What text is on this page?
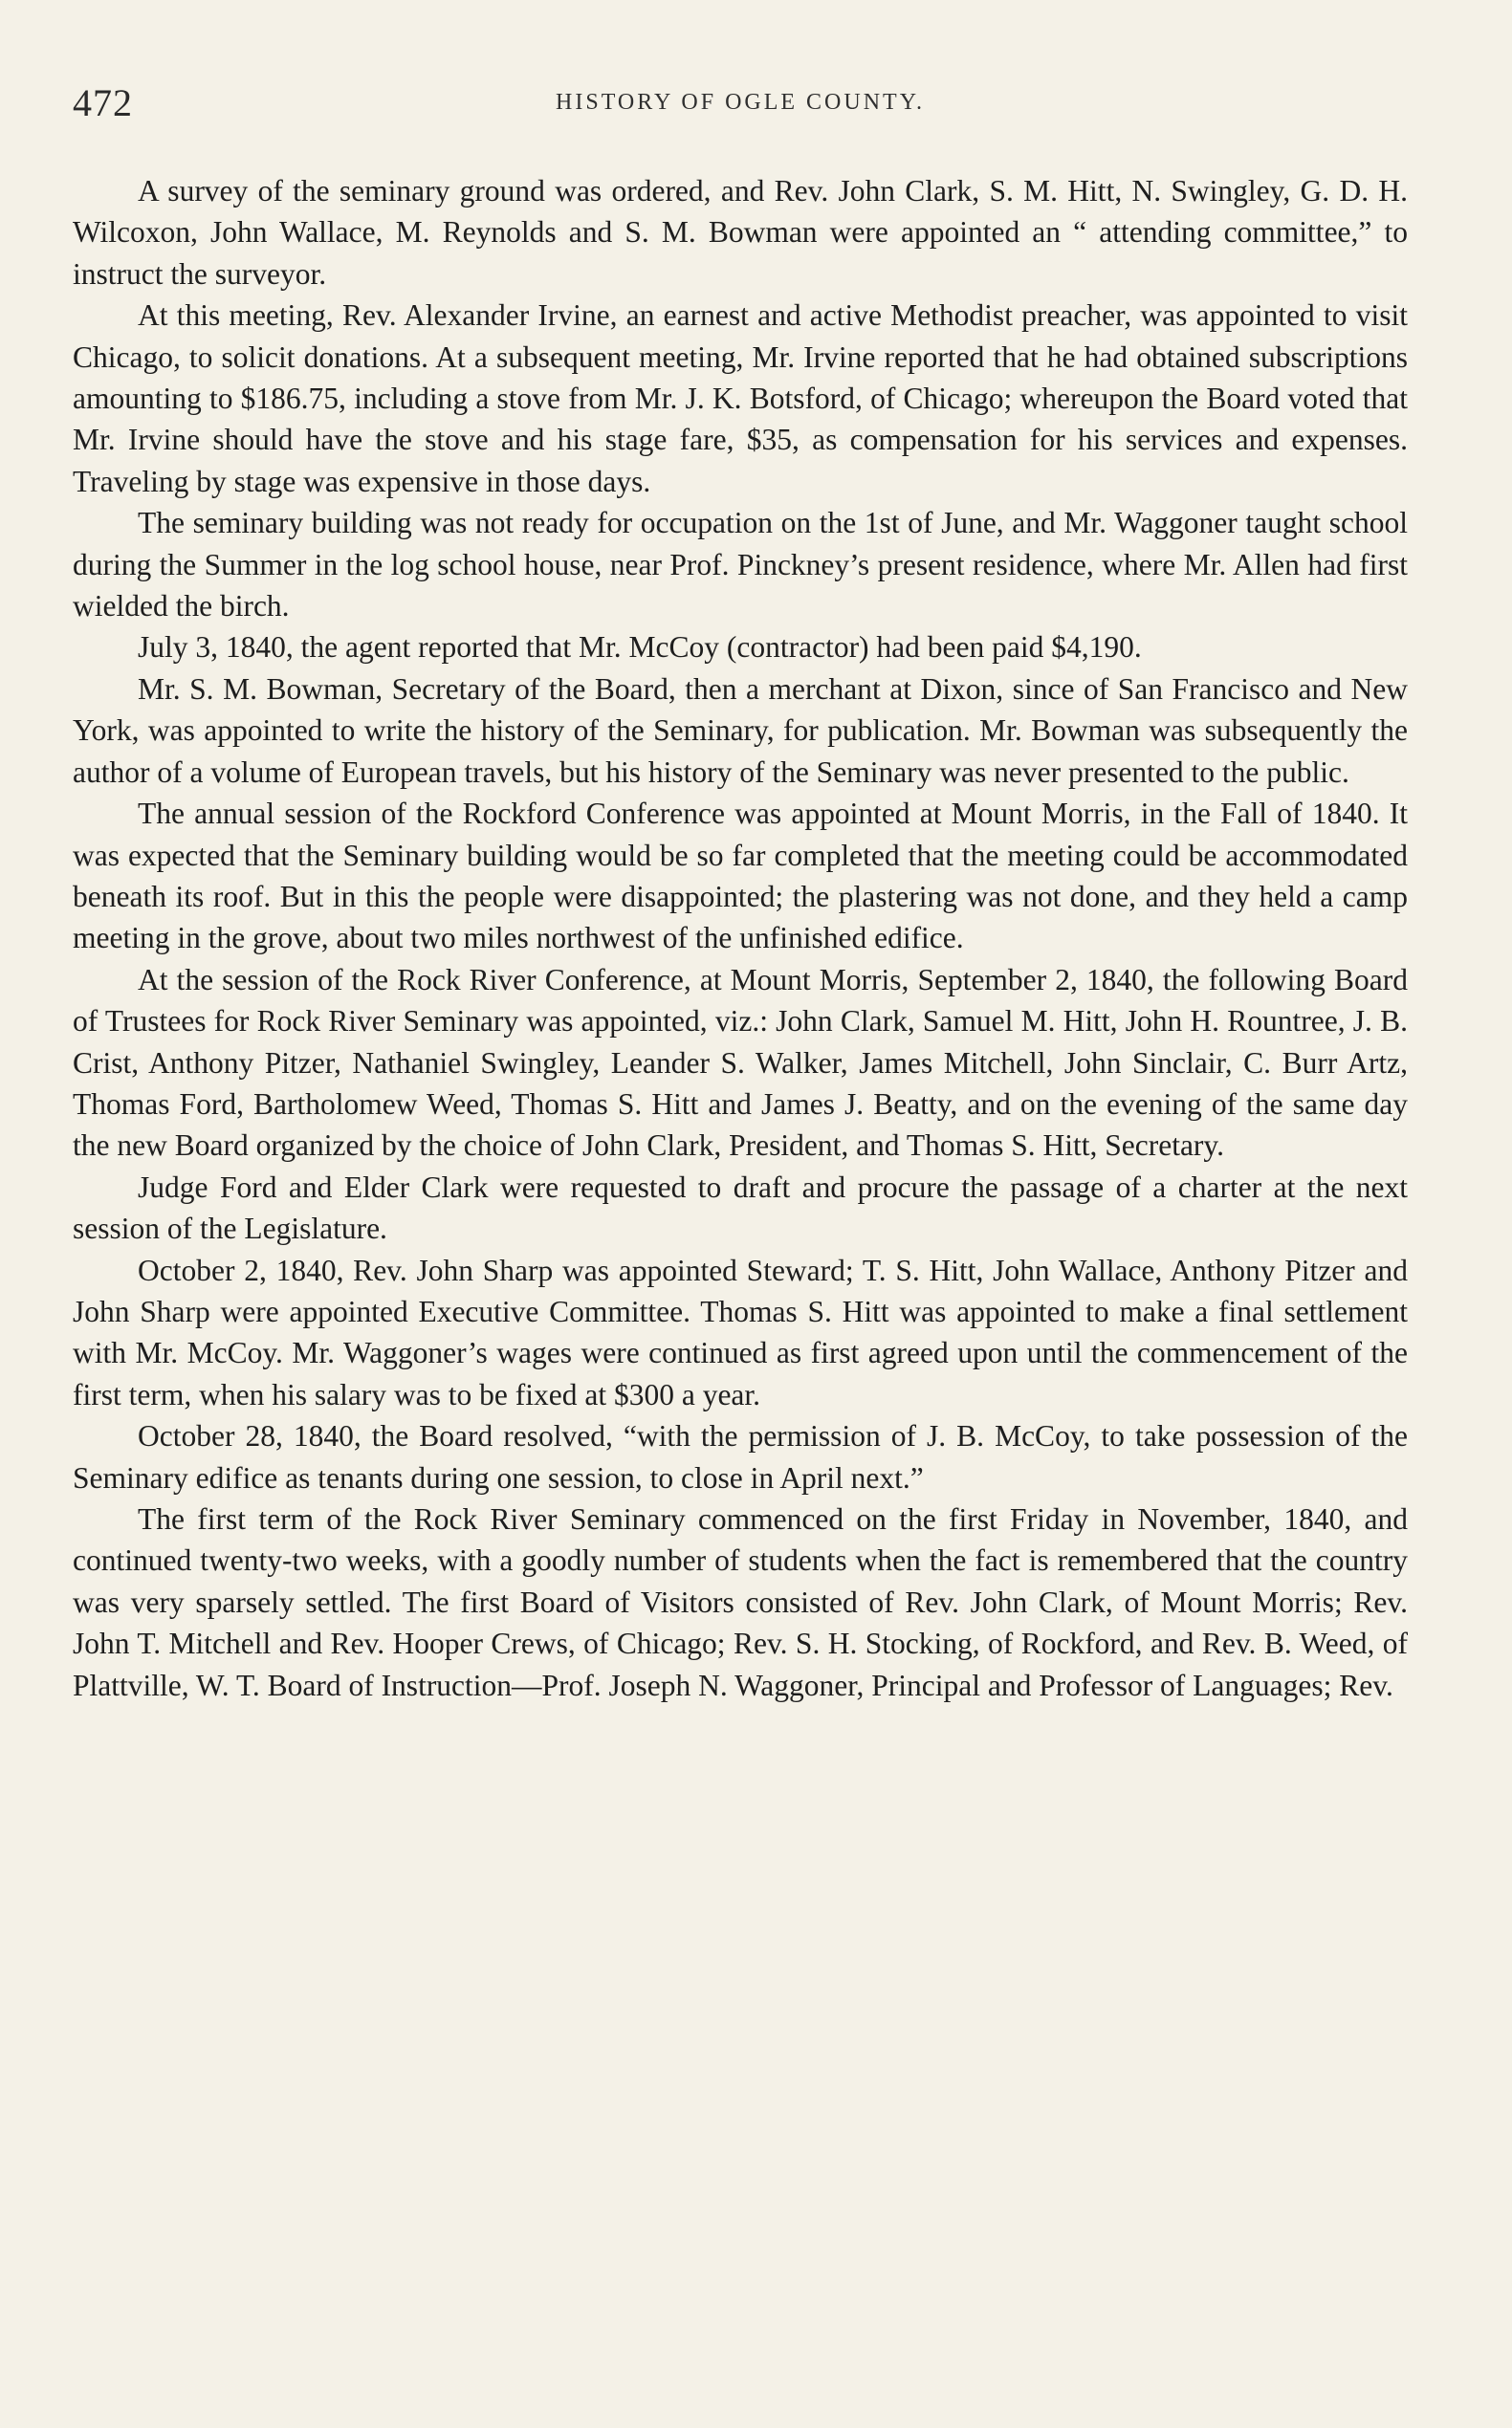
472	HISTORY OF OGLE COUNTY.

A survey of the seminary ground was ordered, and Rev. John Clark, S. M. Hitt, N. Swingley, G. D. H. Wilcoxon, John Wallace, M. Reynolds and S. M. Bowman were appointed an “ attending committee,” to instruct the surveyor.

At this meeting, Rev. Alexander Irvine, an earnest and active Methodist preacher, was appointed to visit Chicago, to solicit donations. At a subsequent meeting, Mr. Irvine reported that he had obtained subscriptions amounting to $186.75, including a stove from Mr. J. K. Botsford, of Chicago; whereupon the Board voted that Mr. Irvine should have the stove and his stage fare, $35, as compensation for his services and expenses. Traveling by stage was expensive in those days.

The seminary building was not ready for occupation on the 1st of June, and Mr. Waggoner taught school during the Summer in the log school house, near Prof. Pinckney’s present residence, where Mr. Allen had first wielded the birch.

July 3, 1840, the agent reported that Mr. McCoy (contractor) had been paid $4,190.

Mr. S. M. Bowman, Secretary of the Board, then a merchant at Dixon, since of San Francisco and New York, was appointed to write the history of the Seminary, for publication. Mr. Bowman was subsequently the author of a volume of European travels, but his history of the Seminary was never presented to the public.

The annual session of the Rockford Conference was appointed at Mount Morris, in the Fall of 1840. It was expected that the Seminary building would be so far completed that the meeting could be accommodated beneath its roof. But in this the people were disappointed; the plastering was not done, and they held a camp meeting in the grove, about two miles northwest of the unfinished edifice.

At the session of the Rock River Conference, at Mount Morris, September 2, 1840, the following Board of Trustees for Rock River Seminary was appointed, viz.: John Clark, Samuel M. Hitt, John H. Rountree, J. B. Crist, Anthony Pitzer, Nathaniel Swingley, Leander S. Walker, James Mitchell, John Sinclair, C. Burr Artz, Thomas Ford, Bartholomew Weed, Thomas S. Hitt and James J. Beatty, and on the evening of the same day the new Board organized by the choice of John Clark, President, and Thomas S. Hitt, Secretary.

Judge Ford and Elder Clark were requested to draft and procure the passage of a charter at the next session of the Legislature.

October 2, 1840, Rev. John Sharp was appointed Steward; T. S. Hitt, John Wallace, Anthony Pitzer and John Sharp were appointed Executive Committee. Thomas S. Hitt was appointed to make a final settlement with Mr. McCoy. Mr. Waggoner’s wages were continued as first agreed upon until the commencement of the first term, when his salary was to be fixed at $300 a year.

October 28, 1840, the Board resolved, “with the permission of J. B. McCoy, to take possession of the Seminary edifice as tenants during one session, to close in April next.”

The first term of the Rock River Seminary commenced on the first Friday in November, 1840, and continued twenty-two weeks, with a goodly number of students when the fact is remembered that the country was very sparsely settled. The first Board of Visitors consisted of Rev. John Clark, of Mount Morris; Rev. John T. Mitchell and Rev. Hooper Crews, of Chicago; Rev. S. H. Stocking, of Rockford, and Rev. B. Weed, of Plattville, W. T. Board of Instruction—Prof. Joseph N. Waggoner, Principal and Professor of Languages; Rev.
